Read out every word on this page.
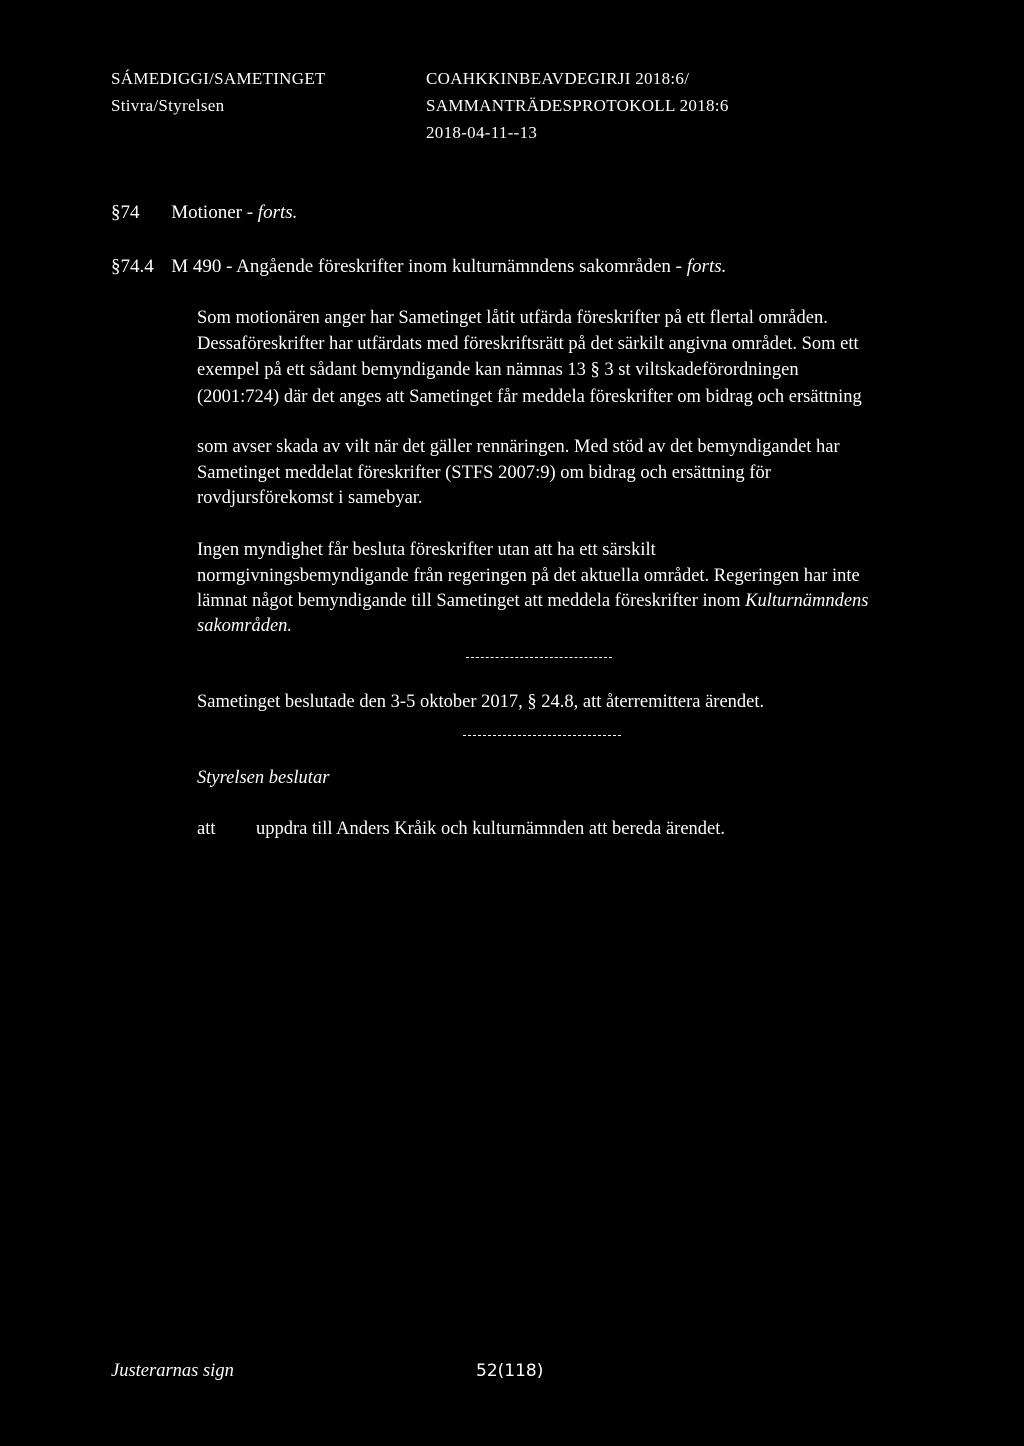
SÁMEDIGGI/SAMETINGET
Stivra/Styrelsen
COAHKKINBEAVDEGIRJI 2018:6/
SAMMANTRÄDESPROTOKOLL 2018:6
2018-04-11--13
§74 Motioner - forts.
§74.4 M 490 - Angående föreskrifter inom kulturnämndens sakområden - forts.
Som motionären anger har Sametinget låtit utfärda föreskrifter på ett flertal områden.
Dessaföreskrifter har utfärdats med föreskriftsrätt på det särkilt angivna området. Som ett
exempel på ett sådant bemyndigande kan nämnas 13 § 3 st viltskadeförordningen
(2001:724) där det anges att Sametinget får meddela föreskrifter om bidrag och ersättning
som avser skada av vilt när det gäller rennäringen. Med stöd av det bemyndigandet har
Sametinget meddelat föreskrifter (STFS 2007:9) om bidrag och ersättning för
rovdjursförekomst i samebyar.
Ingen myndighet får besluta föreskrifter utan att ha ett särskilt
normgivningsbemyndigande från regeringen på det aktuella området. Regeringen har inte
lämnat något bemyndigande till Sametinget att meddela föreskrifter inom Kulturnämndens
sakområden.
Sametinget beslutade den 3-5 oktober 2017, § 24.8, att återremittera ärendet.
Styrelsen beslutar
att uppdra till Anders Kråik och kulturnämnden att bereda ärendet.
Justerarnas sign	52(118)
